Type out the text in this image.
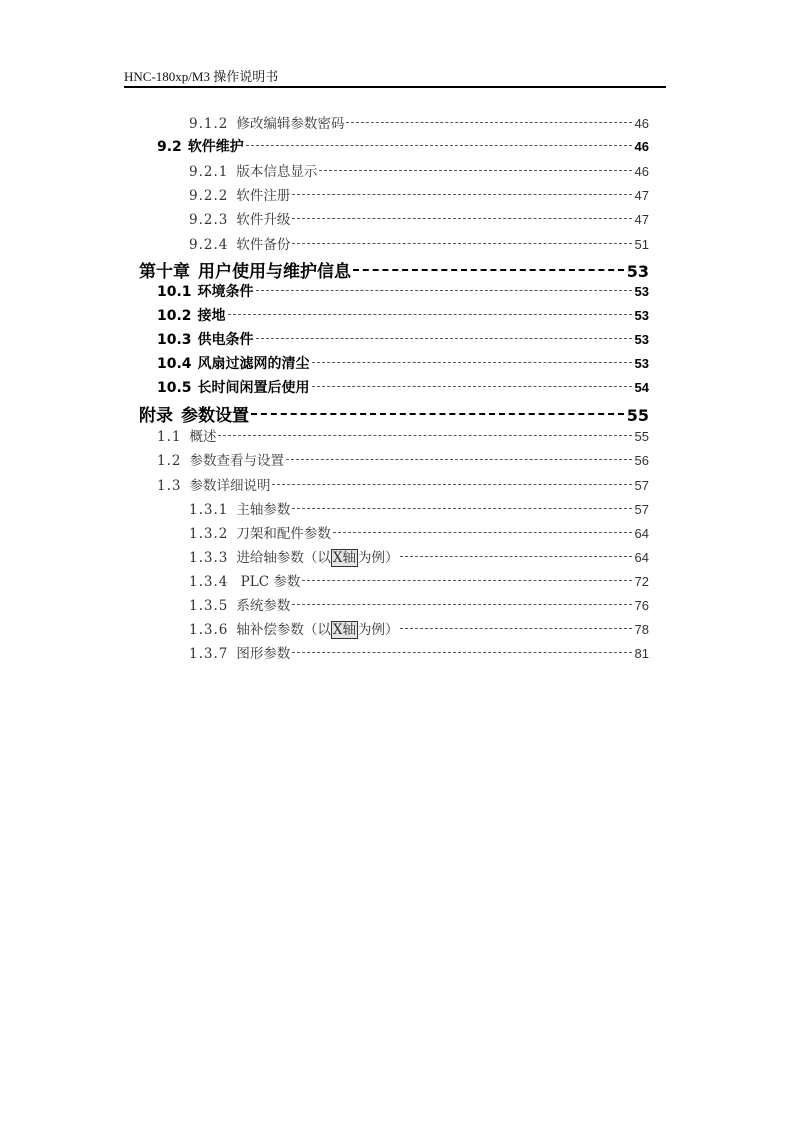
HNC-180xp/M3 操作说明书
9.1.2 修改编辑参数密码	46
9.2 软件维护	46
9.2.1 版本信息显示	46
9.2.2 软件注册	47
9.2.3 软件升级	47
9.2.4 软件备份	51
第十章 用户使用与维护信息	53
10.1 环境条件	53
10.2 接地	53
10.3 供电条件	53
10.4 风扇过滤网的清尘	53
10.5 长时间闲置后使用	54
附录 参数设置	55
1.1 概述	55
1.2 参数查看与设置	56
1.3 参数详细说明	57
1.3.1 主轴参数	57
1.3.2 刀架和配件参数	64
1.3.3 进给轴参数（以 X轴 为例）	64
1.3.4 PLC 参数	72
1.3.5 系统参数	76
1.3.6 轴补偿参数（以 X轴 为例）	78
1.3.7 图形参数	81
